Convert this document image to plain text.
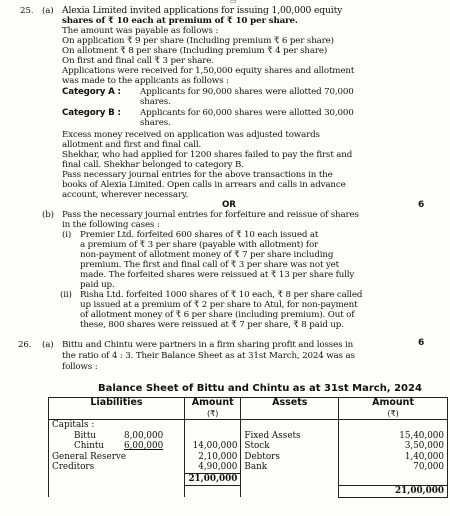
▭
25. (a) Alexia Limited invited applications for issuing 1,00,000 equity
shares of ₹ 10 each at premium of ₹ 10 per share.
The amount was payable as follows :
On application ₹ 9 per share (Including premium ₹ 6 per share)
On allotment ₹ 8 per share (Including premium ₹ 4 per share)
On first and final call ₹ 3 per share.
Applications were received for 1,50,000 equity shares and allotment
was made to the applicants as follows :
Category A : Applicants for 90,000 shares were allotted 70,000
shares.
Category B : Applicants for 60,000 shares were allotted 30,000
shares.
Excess money received on application was adjusted towards
allotment and first and final call.
Shekhar, who had applied for 1200 shares failed to pay the first and
final call. Shekhar belonged to category B.
Pass necessary journal entries for the above transactions in the
books of Alexia Limited. Open calls in arrears and calls in advance
account, wherever necessary.
OR	6
(b) Pass the necessary journal entries for forfeiture and reissue of shares
in the following cases :
(i) Premier Ltd. forfeited 600 shares of ₹ 10 each issued at
a premium of ₹ 3 per share (payable with allotment) for
non-payment of allotment money of ₹ 7 per share including
premium. The first and final call of ₹ 3 per share was not yet
made. The forfeited shares were reissued at ₹ 13 per share fully
paid up.
(ii) Risha Ltd. forfeited 1000 shares of ₹ 10 each, ₹ 8 per share called
up issued at a premium of ₹ 2 per share to Atul, for non-payment
of allotment money of ₹ 6 per share (including premium). Out of
these, 800 shares were reissued at ₹ 7 per share, ₹ 8 paid up.
6
26. (a) Bittu and Chintu were partners in a firm sharing profit and losses in
the ratio of 4 : 3. Their Balance Sheet as at 31st March, 2024 was as
follows :
Balance Sheet of Bittu and Chintu as at 31st March, 2024
Liabilities	Amount
(₹)	Assets	Amount
(₹)
Capitals :			
Bittu 8,00,000		Fixed Assets	15,40,000
Chintu 6,00,000	14,00,000	Stock	3,50,000
General Reserve	2,10,000	Debtors	1,40,000
Creditors	4,90,000	Bank	70,000
	21,00,000		
			21,00,000
